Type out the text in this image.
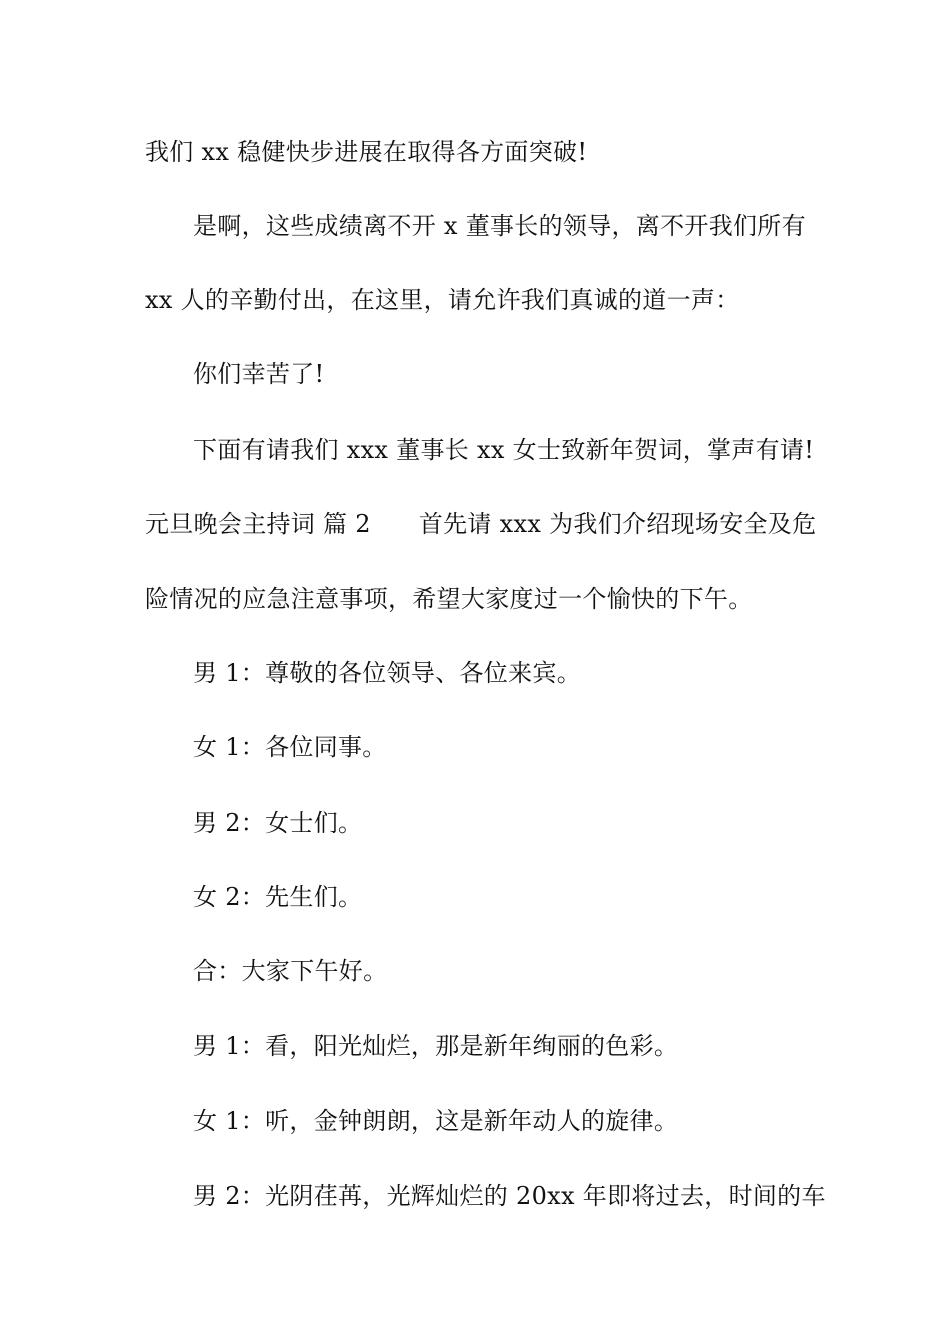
我们 xx 稳健快步进展在取得各方面突破!
是啊，这些成绩离不开 x 董事长的领导，离不开我们所有
xx 人的辛勤付出，在这里，请允许我们真诚的道一声：
你们幸苦了!
下面有请我们 xxx 董事长 xx 女士致新年贺词，掌声有请!
元旦晚会主持词 篇 2 首先请 xxx 为我们介绍现场安全及危
险情况的应急注意事项，希望大家度过一个愉快的下午。
男 1：尊敬的各位领导、各位来宾。
女 1：各位同事。
男 2：女士们。
女 2：先生们。
合：大家下午好。
男 1：看，阳光灿烂，那是新年绚丽的色彩。
女 1：听，金钟朗朗，这是新年动人的旋律。
男 2：光阴荏苒，光辉灿烂的 20xx 年即将过去，时间的车
